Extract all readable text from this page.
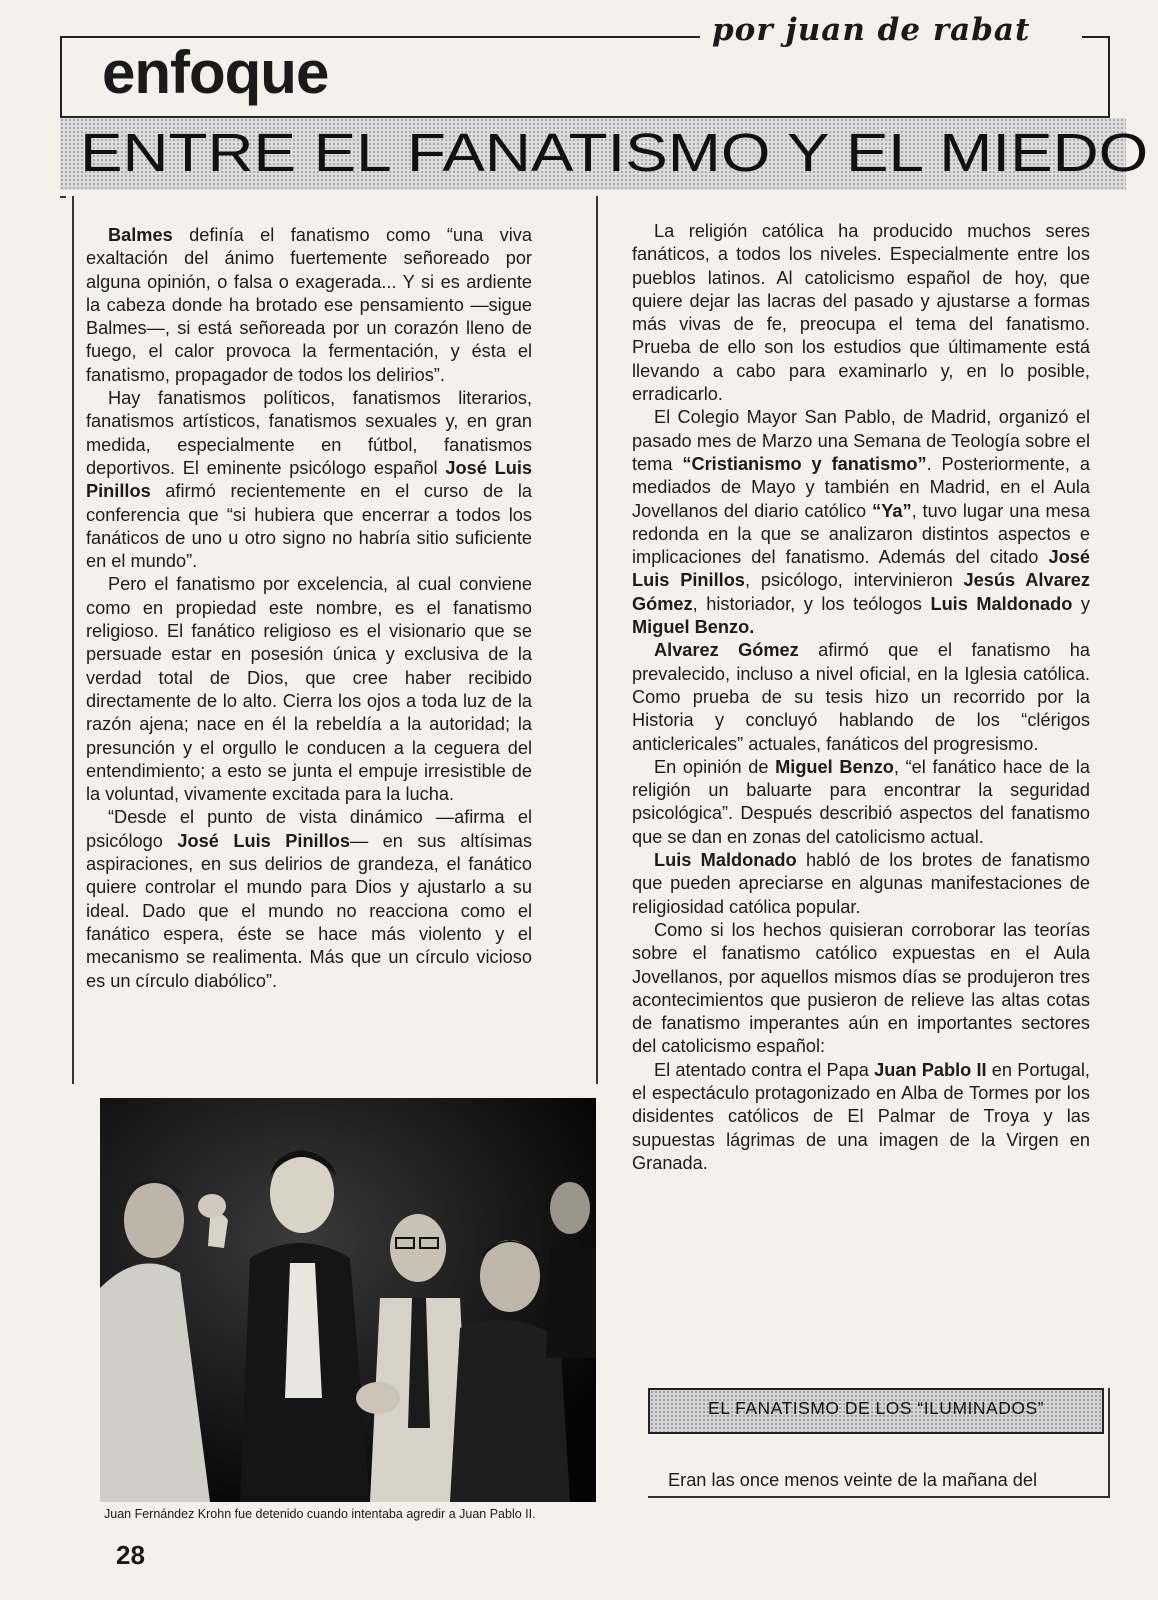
enfoque
por juan de rabat
ENTRE EL FANATISMO Y EL MIEDO

Balmes definía el fanatismo como “una viva exaltación del ánimo fuertemente señoreado por alguna opinión, o falsa o exagerada... Y si es ardiente la cabeza donde ha brotado ese pensamiento —sigue Balmes—, si está señoreada por un corazón lleno de fuego, el calor provoca la fermentación, y ésta el fanatismo, propagador de todos los delirios”.

Hay fanatismos políticos, fanatismos literarios, fanatismos artísticos, fanatismos sexuales y, en gran medida, especialmente en fútbol, fanatismos deportivos. El eminente psicólogo español José Luis Pinillos afirmó recientemente en el curso de la conferencia que “si hubiera que encerrar a todos los fanáticos de uno u otro signo no habría sitio suficiente en el mundo”.

Pero el fanatismo por excelencia, al cual conviene como en propiedad este nombre, es el fanatismo religioso. El fanático religioso es el visionario que se persuade estar en posesión única y exclusiva de la verdad total de Dios, que cree haber recibido directamente de lo alto. Cierra los ojos a toda luz de la razón ajena; nace en él la rebeldía a la autoridad; la presunción y el orgullo le conducen a la ceguera del entendimiento; a esto se junta el empuje irresistible de la voluntad, vivamente excitada para la lucha.

“Desde el punto de vista dinámico —afirma el psicólogo José Luis Pinillos— en sus altísimas aspiraciones, en sus delirios de grandeza, el fanático quiere controlar el mundo para Dios y ajustarlo a su ideal. Dado que el mundo no reacciona como el fanático espera, éste se hace más violento y el mecanismo se realimenta. Más que un círculo vicioso es un círculo diabólico”.

La religión católica ha producido muchos seres fanáticos, a todos los niveles. Especialmente entre los pueblos latinos. Al catolicismo español de hoy, que quiere dejar las lacras del pasado y ajustarse a formas más vivas de fe, preocupa el tema del fanatismo. Prueba de ello son los estudios que últimamente está llevando a cabo para examinarlo y, en lo posible, erradicarlo.

El Colegio Mayor San Pablo, de Madrid, organizó el pasado mes de Marzo una Semana de Teología sobre el tema “Cristianismo y fanatismo”. Posteriormente, a mediados de Mayo y también en Madrid, en el Aula Jovellanos del diario católico “Ya”, tuvo lugar una mesa redonda en la que se analizaron distintos aspectos e implicaciones del fanatismo. Además del citado José Luis Pinillos, psicólogo, intervinieron Jesús Alvarez Gómez, historiador, y los teólogos Luis Maldonado y Miguel Benzo.

Alvarez Gómez afirmó que el fanatismo ha prevalecido, incluso a nivel oficial, en la Iglesia católica. Como prueba de su tesis hizo un recorrido por la Historia y concluyó hablando de los “clérigos anticlericales” actuales, fanáticos del progresismo.

En opinión de Miguel Benzo, “el fanático hace de la religión un baluarte para encontrar la seguridad psicológica”. Después describió aspectos del fanatismo que se dan en zonas del catolicismo actual.

Luis Maldonado habló de los brotes de fanatismo que pueden apreciarse en algunas manifestaciones de religiosidad católica popular.

Como si los hechos quisieran corroborar las teorías sobre el fanatismo católico expuestas en el Aula Jovellanos, por aquellos mismos días se produjeron tres acontecimientos que pusieron de relieve las altas cotas de fanatismo imperantes aún en importantes sectores del catolicismo español:

El atentado contra el Papa Juan Pablo II en Portugal, el espectáculo protagonizado en Alba de Tormes por los disidentes católicos de El Palmar de Troya y las supuestas lágrimas de una imagen de la Virgen en Granada.

Juan Fernández Krohn fue detenido cuando intentaba agredir a Juan Pablo II.
28
EL FANATISMO DE LOS “ILUMINADOS”
Eran las once menos veinte de la mañana del
